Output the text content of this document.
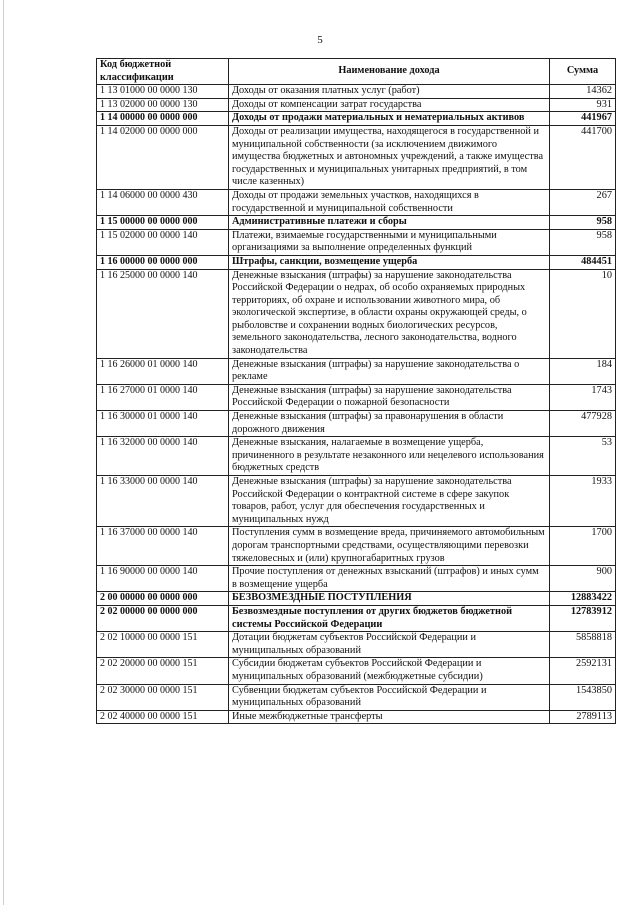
5
Код бюджетной классификации	Наименование дохода	Сумма
1 13 01000 00 0000 130	Доходы от оказания платных услуг (работ)	14362
1 13 02000 00 0000 130	Доходы от компенсации затрат государства	931
1 14 00000 00 0000 000	Доходы от продажи материальных и нематериальных активов	441967
1 14 02000 00 0000 000	Доходы от реализации имущества, находящегося в государственной и муниципальной собственности (за исключением движимого имущества бюджетных и автономных учреждений, а также имущества государственных и муниципальных унитарных предприятий, в том числе казенных)	441700
1 14 06000 00 0000 430	Доходы от продажи земельных участков, находящихся в государственной и муниципальной собственности	267
1 15 00000 00 0000 000	Административные платежи и сборы	958
1 15 02000 00 0000 140	Платежи, взимаемые государственными и муниципальными организациями за выполнение определенных функций	958
1 16 00000 00 0000 000	Штрафы, санкции, возмещение ущерба	484451
1 16 25000 00 0000 140	Денежные взыскания (штрафы) за нарушение законодательства Российской Федерации о недрах, об особо охраняемых природных территориях, об охране и использовании животного мира, об экологической экспертизе, в области охраны окружающей среды, о рыболовстве и сохранении водных биологических ресурсов, земельного законодательства, лесного законодательства, водного законодательства	10
1 16 26000 01 0000 140	Денежные взыскания (штрафы) за нарушение законодательства о рекламе	184
1 16 27000 01 0000 140	Денежные взыскания (штрафы) за нарушение законодательства Российской Федерации о пожарной безопасности	1743
1 16 30000 01 0000 140	Денежные взыскания (штрафы) за правонарушения в области дорожного движения	477928
1 16 32000 00 0000 140	Денежные взыскания, налагаемые в возмещение ущерба, причиненного в результате незаконного или нецелевого использования бюджетных средств	53
1 16 33000 00 0000 140	Денежные взыскания (штрафы) за нарушение законодательства Российской Федерации о контрактной системе в сфере закупок товаров, работ, услуг для обеспечения государственных и муниципальных нужд	1933
1 16 37000 00 0000 140	Поступления сумм в возмещение вреда, причиняемого автомобильным дорогам транспортными средствами, осуществляющими перевозки тяжеловесных и (или) крупногабаритных грузов	1700
1 16 90000 00 0000 140	Прочие поступления от денежных взысканий (штрафов) и иных сумм в возмещение ущерба	900
2 00 00000 00 0000 000	БЕЗВОЗМЕЗДНЫЕ ПОСТУПЛЕНИЯ	12883422
2 02 00000 00 0000 000	Безвозмездные поступления от других бюджетов бюджетной системы Российской Федерации	12783912
2 02 10000 00 0000 151	Дотации бюджетам субъектов Российской Федерации и муниципальных образований	5858818
2 02 20000 00 0000 151	Субсидии бюджетам субъектов Российской Федерации и муниципальных образований (межбюджетные субсидии)	2592131
2 02 30000 00 0000 151	Субвенции бюджетам субъектов Российской Федерации и муниципальных образований	1543850
2 02 40000 00 0000 151	Иные межбюджетные трансферты	2789113
